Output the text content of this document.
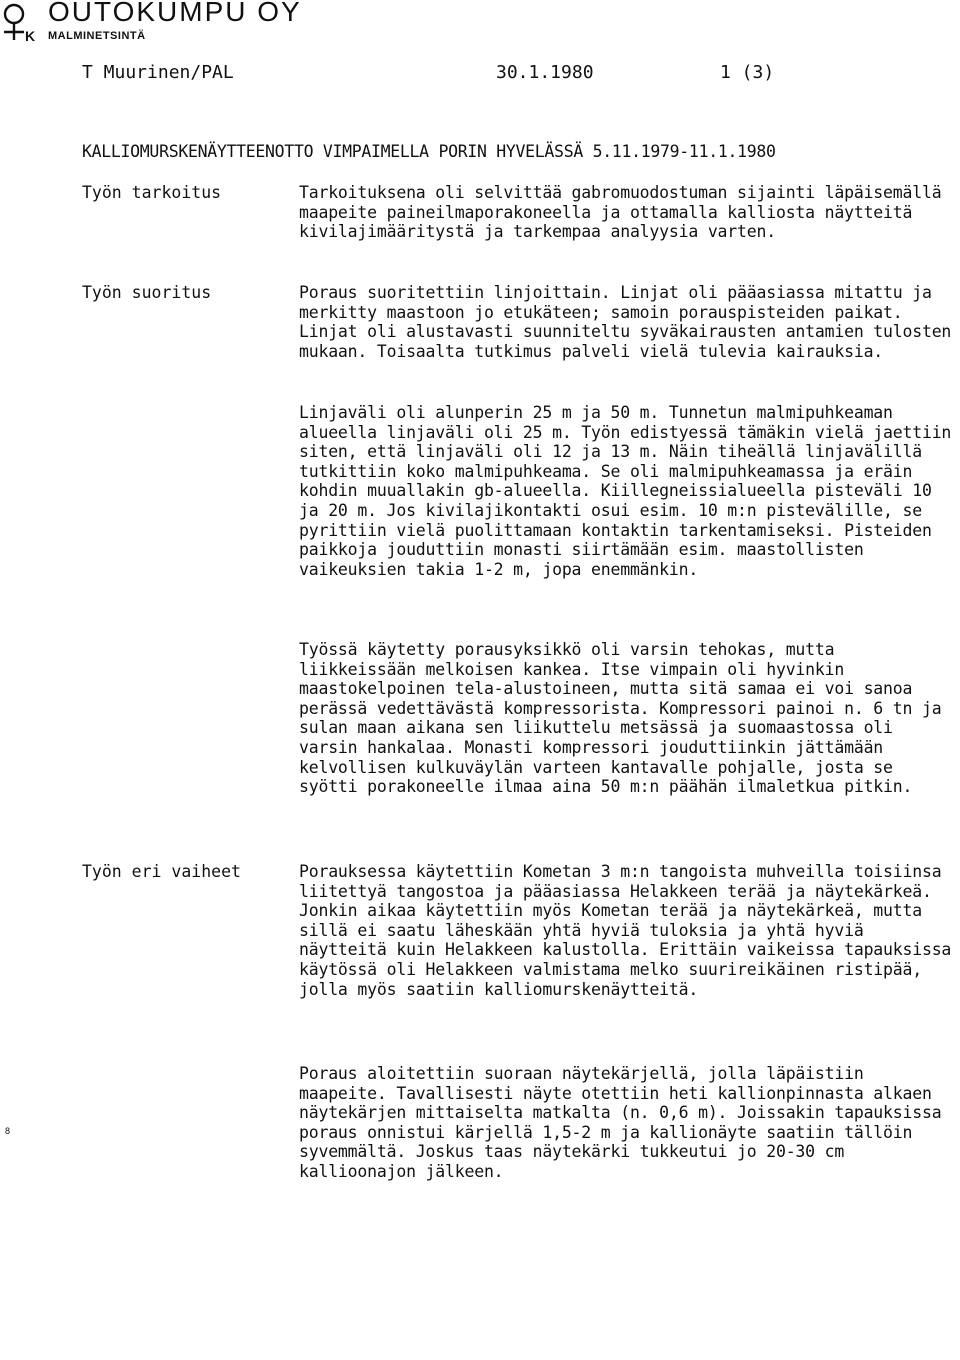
K
OUTOKUMPU OY
MALMINETSINTÄ
T Muurinen/PAL	30.1.1980	1 (3)
KALLIOMURSKENÄYTTEENOTTO VIMPAIMELLA PORIN HYVELÄSSÄ 5.11.1979-11.1.1980
Työn tarkoitus	Tarkoituksena oli selvittää gabromuodostuman sijainti läpäisemällä maapeite paineilmaporakoneella ja ottamalla kalliosta näytteitä kivilajimääritystä ja tarkempaa analyysia varten.
Työn suoritus	Poraus suoritettiin linjoittain. Linjat oli pääasiassa mitattu ja merkitty maastoon jo etukäteen; samoin porauspisteiden paikat. Linjat oli alustavasti suunniteltu syväkairausten antamien tulosten mukaan. Toisaalta tutkimus palveli vielä tulevia kairauksia.
Linjaväli oli alunperin 25 m ja 50 m. Tunnetun malmipuhkeaman alueella linjaväli oli 25 m. Työn edistyessä tämäkin vielä jaettiin siten, että linjaväli oli 12 ja 13 m. Näin tiheällä linjavälillä tutkittiin koko malmipuhkeama. Se oli malmipuhkeamassa ja eräin kohdin muuallakin gb-alueella. Kiillegneissialueella pisteväli 10 ja 20 m. Jos kivilajikontakti osui esim. 10 m:n pistevälille, se pyrittiin vielä puolittamaan kontaktin tarkentamiseksi. Pisteiden paikkoja jouduttiin monasti siirtämään esim. maastollisten vaikeuksien takia 1-2 m, jopa enemmänkin.
Työssä käytetty porausyksikkö oli varsin tehokas, mutta liikkeissään melkoisen kankea. Itse vimpain oli hyvinkin maastokelpoinen tela-alustoineen, mutta sitä samaa ei voi sanoa perässä vedettävästä kompressorista. Kompressori painoi n. 6 tn ja sulan maan aikana sen liikuttelu metsässä ja suomaastossa oli varsin hankalaa. Monasti kompressori jouduttiinkin jättämään kelvollisen kulkuväylän varteen kantavalle pohjalle, josta se syötti porakoneelle ilmaa aina 50 m:n päähän ilmaletkua pitkin.
Työn eri vaiheet	Porauksessa käytettiin Kometan 3 m:n tangoista muhveilla toisiinsa liitettyä tangostoa ja pääasiassa Helakkeen terää ja näytekärkeä. Jonkin aikaa käytettiin myös Kometan terää ja näytekärkeä, mutta sillä ei saatu läheskään yhtä hyviä tuloksia ja yhtä hyviä näytteitä kuin Helakkeen kalustolla. Erittäin vaikeissa tapauksissa käytössä oli Helakkeen valmistama melko suurireikäinen ristipää, jolla myös saatiin kalliomurskenäytteitä.
Poraus aloitettiin suoraan näytekärjellä, jolla läpäistiin maapeite. Tavallisesti näyte otettiin heti kallionpinnasta alkaen näytekärjen mittaiselta matkalta (n. 0,6 m). Joissakin tapauksissa poraus onnistui kärjellä 1,5-2 m ja kallionäyte saatiin tällöin syvemmältä. Joskus taas näytekärki tukkeutui jo 20-30 cm kallioonajon jälkeen.
8
